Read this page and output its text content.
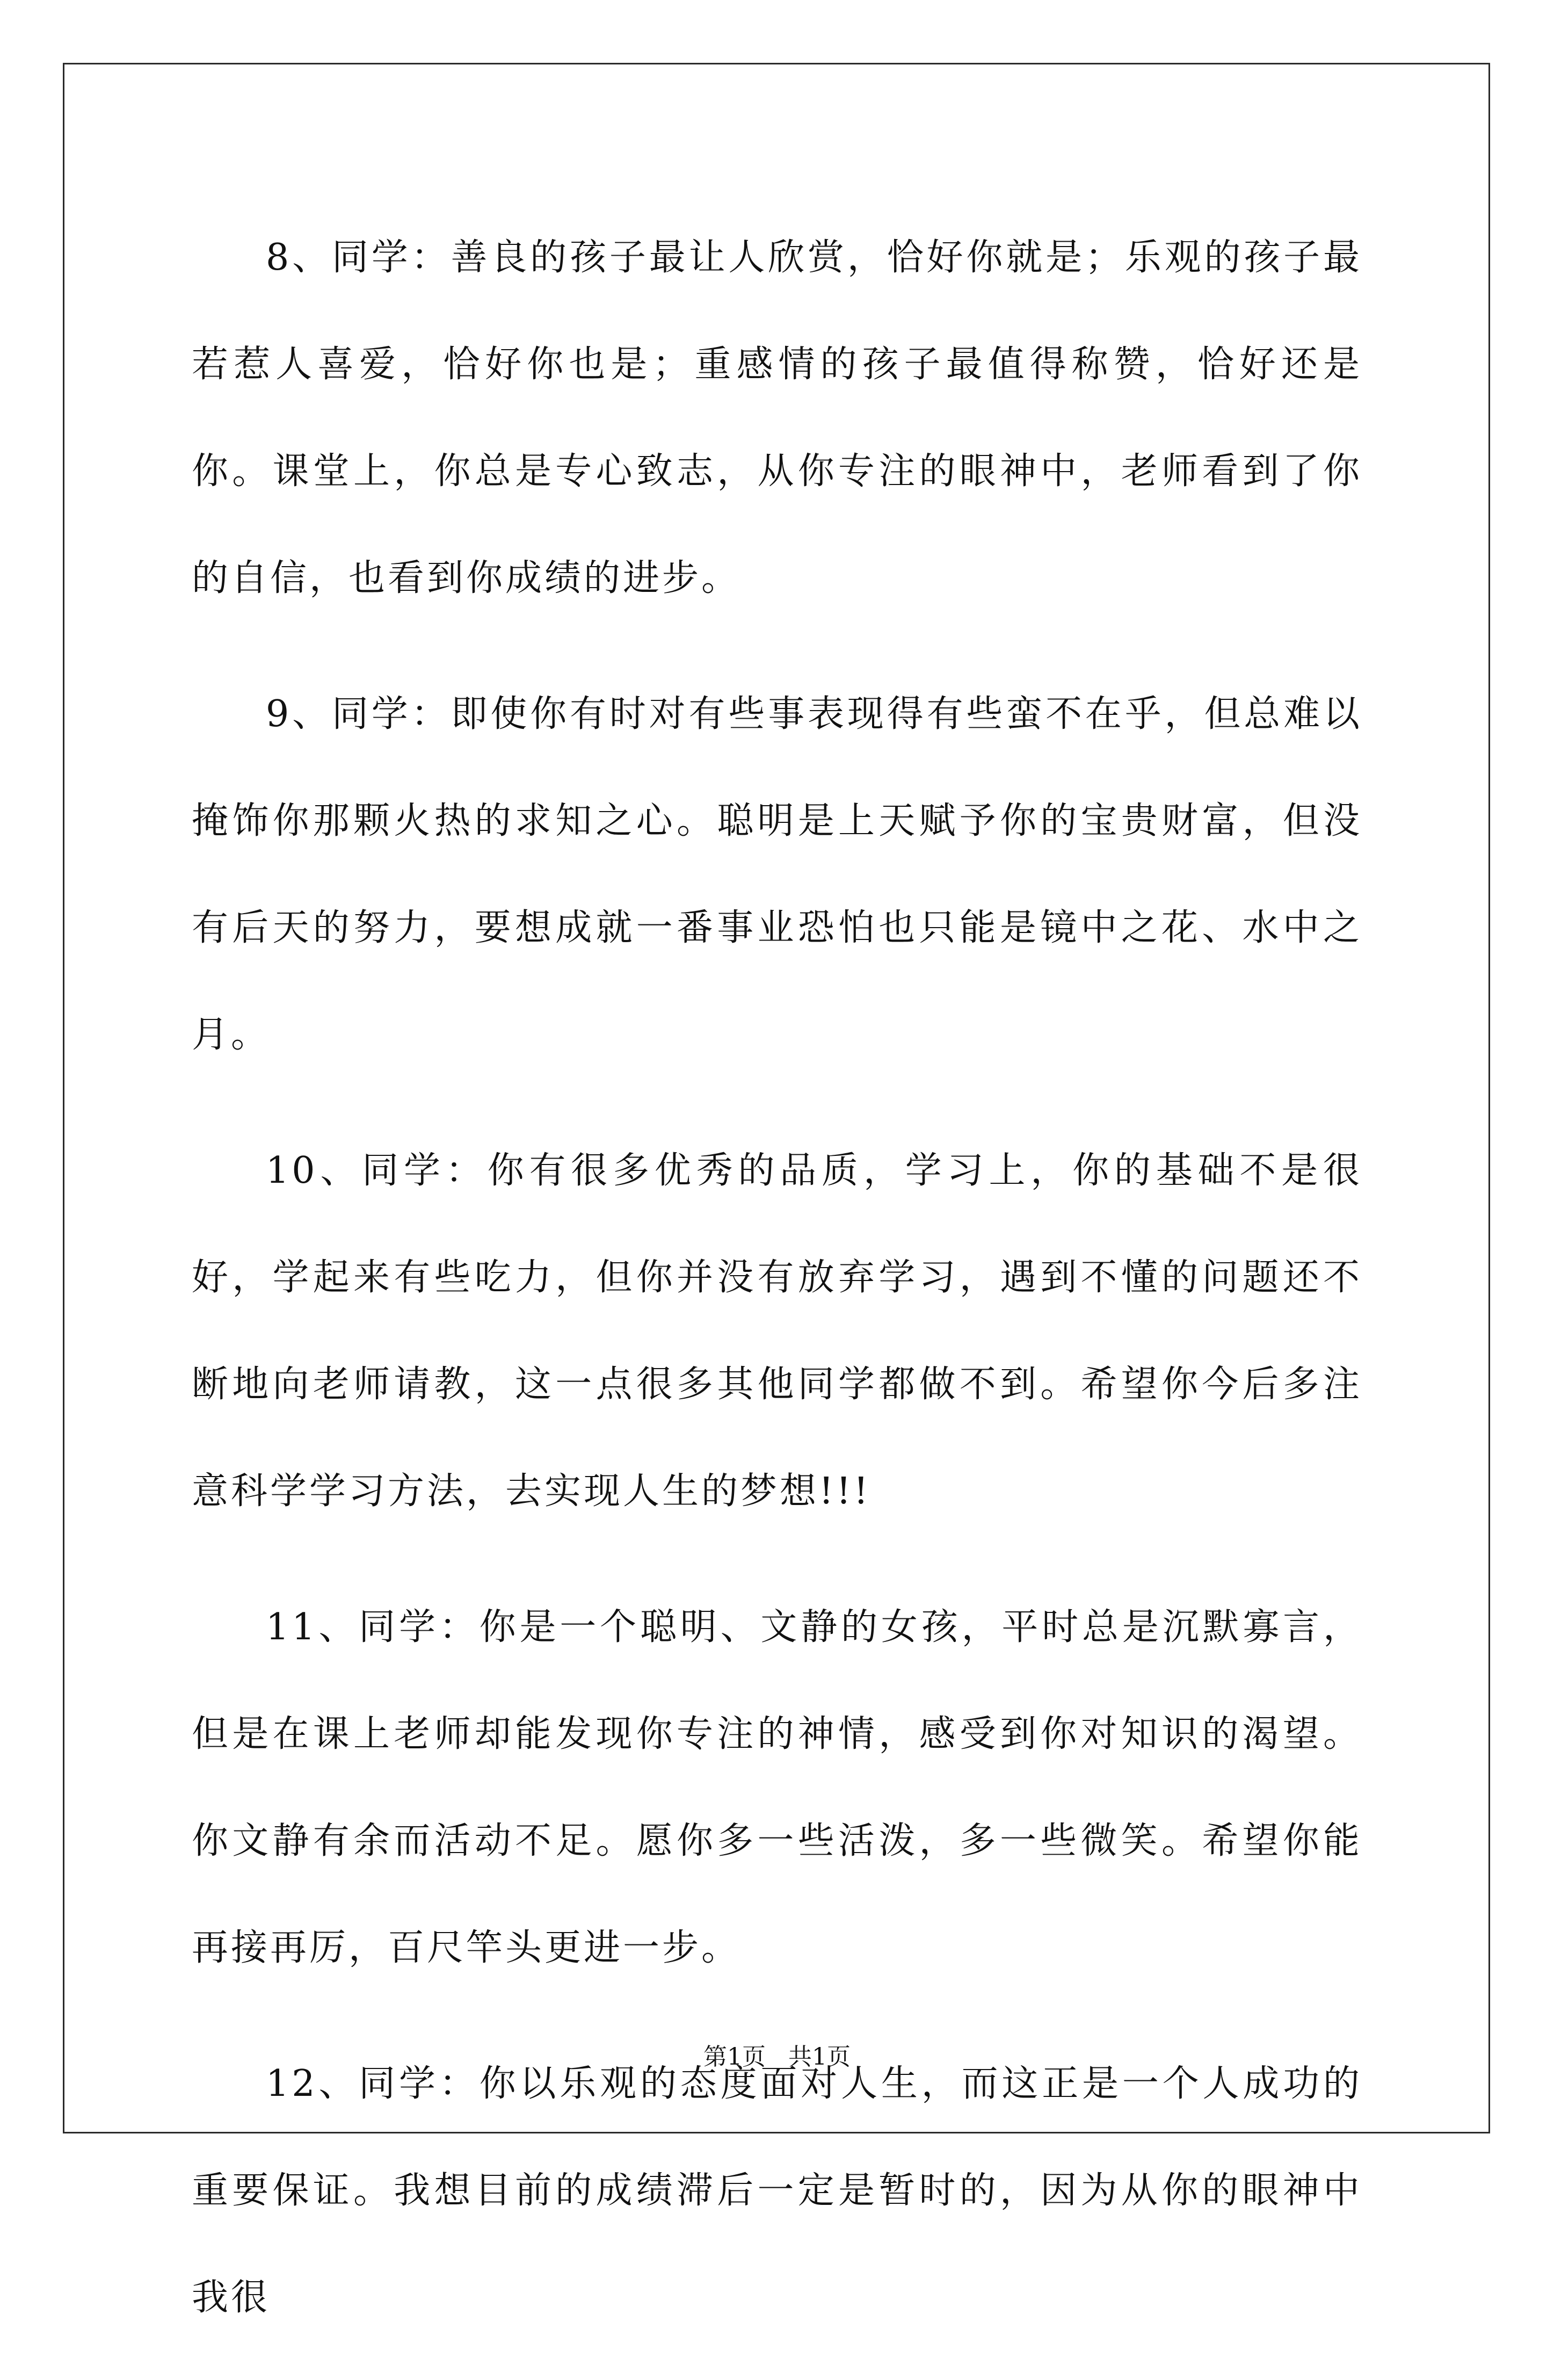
8、同学：善良的孩子最让人欣赏，恰好你就是；乐观的孩子最若惹人喜爱，恰好你也是；重感情的孩子最值得称赞，恰好还是你。课堂上，你总是专心致志，从你专注的眼神中，老师看到了你的自信，也看到你成绩的进步。

9、同学：即使你有时对有些事表现得有些蛮不在乎，但总难以掩饰你那颗火热的求知之心。聪明是上天赋予你的宝贵财富，但没有后天的努力，要想成就一番事业恐怕也只能是镜中之花、水中之月。

10、同学：你有很多优秀的品质，学习上，你的基础不是很好，学起来有些吃力，但你并没有放弃学习，遇到不懂的问题还不断地向老师请教，这一点很多其他同学都做不到。希望你今后多注意科学学习方法，去实现人生的梦想!!!

11、同学：你是一个聪明、文静的女孩，平时总是沉默寡言，但是在课上老师却能发现你专注的神情，感受到你对知识的渴望。你文静有余而活动不足。愿你多一些活泼，多一些微笑。希望你能再接再厉，百尺竿头更进一步。

12、同学：你以乐观的态度面对人生，而这正是一个人成功的重要保证。我想目前的成绩滞后一定是暂时的，因为从你的眼神中我很

第1页   共1页
